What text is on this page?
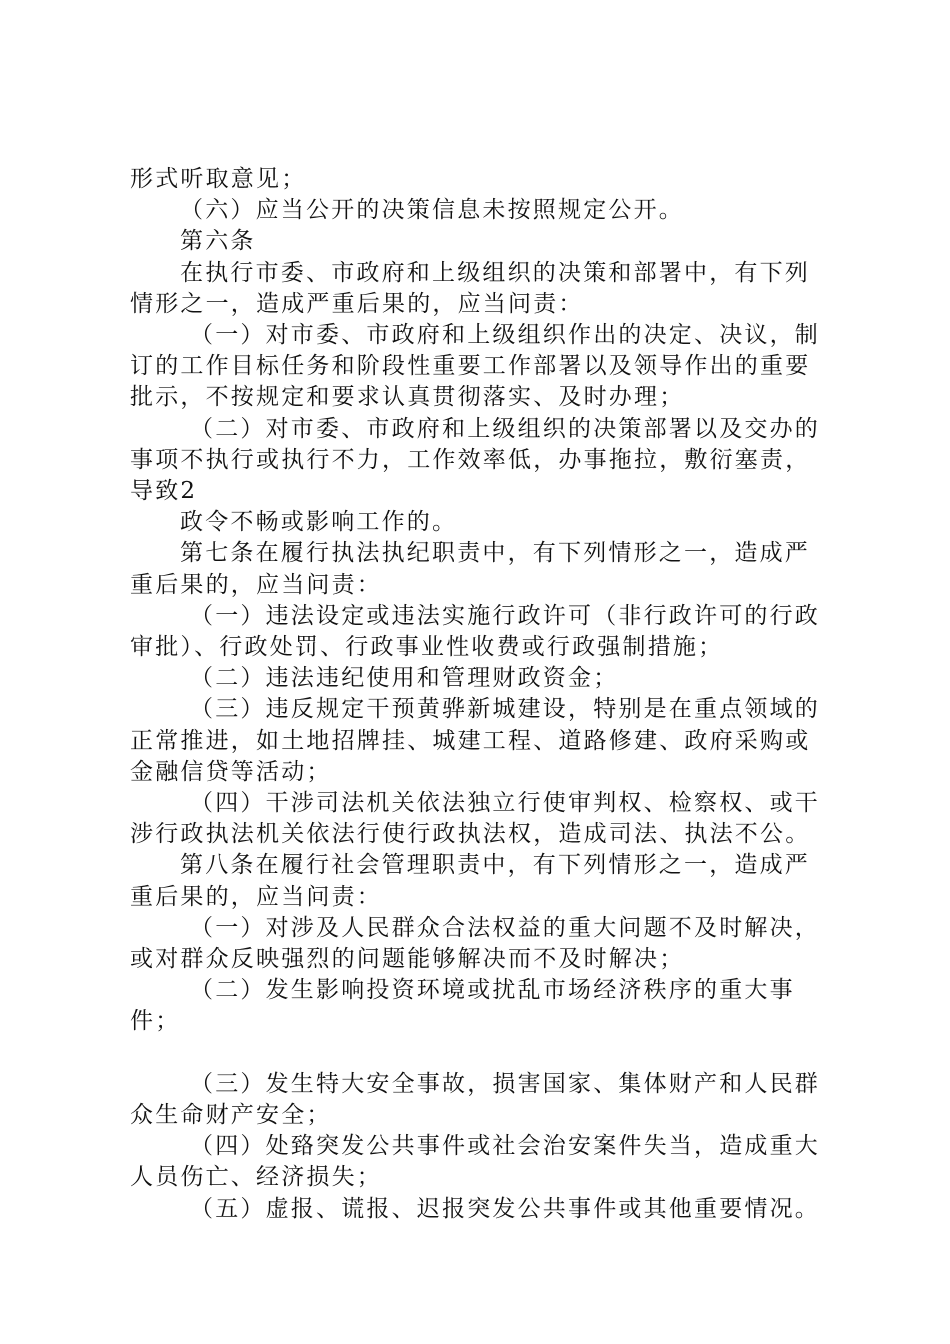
形式听取意见；

（六）应当公开的决策信息未按照规定公开。

第六条

在执行市委、市政府和上级组织的决策和部署中，有下列情形之一，造成严重后果的，应当问责：

（一）对市委、市政府和上级组织作出的决定、决议，制订的工作目标任务和阶段性重要工作部署以及领导作出的重要批示，不按规定和要求认真贯彻落实、及时办理；

（二）对市委、市政府和上级组织的决策部署以及交办的事项不执行或执行不力，工作效率低，办事拖拉，敷衍塞责，导致2

政令不畅或影响工作的。

第七条在履行执法执纪职责中，有下列情形之一，造成严重后果的，应当问责：

（一）违法设定或违法实施行政许可（非行政许可的行政审批）、行政处罚、行政事业性收费或行政强制措施；

（二）违法违纪使用和管理财政资金；

（三）违反规定干预黄骅新城建设，特别是在重点领域的正常推进，如土地招牌挂、城建工程、道路修建、政府采购或金融信贷等活动；

（四）干涉司法机关依法独立行使审判权、检察权、或干涉行政执法机关依法行使行政执法权，造成司法、执法不公。

第八条在履行社会管理职责中，有下列情形之一，造成严重后果的，应当问责：

（一）对涉及人民群众合法权益的重大问题不及时解决，或对群众反映强烈的问题能够解决而不及时解决；

（二）发生影响投资环境或扰乱市场经济秩序的重大事件；

（三）发生特大安全事故，损害国家、集体财产和人民群众生命财产安全；

（四）处臵突发公共事件或社会治安案件失当，造成重大人员伤亡、经济损失；

（五）虚报、谎报、迟报突发公共事件或其他重要情况。
